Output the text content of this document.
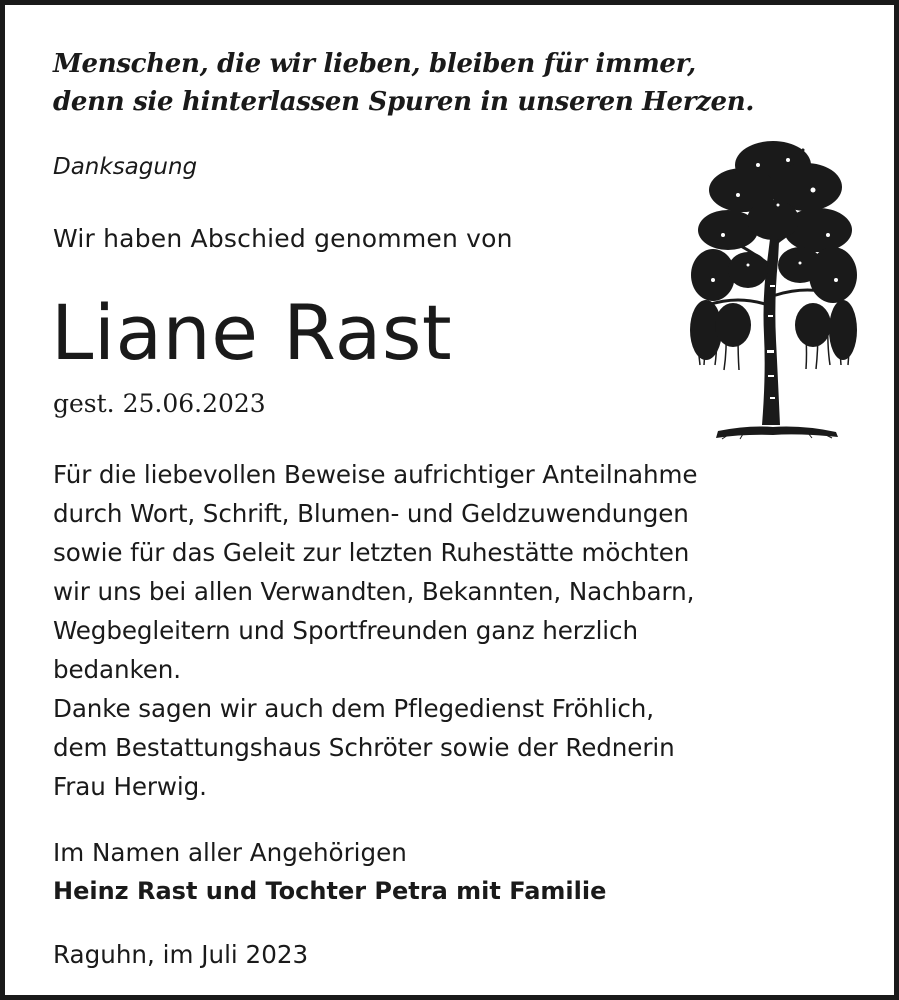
Menschen, die wir lieben, bleiben für immer,
denn sie hinterlassen Spuren in unseren Herzen.
Danksagung
Wir haben Abschied genommen von
Liane Rast
gest. 25.06.2023
Für die liebevollen Beweise aufrichtiger Anteilnahme
durch Wort, Schrift, Blumen- und Geldzuwendungen
sowie für das Geleit zur letzten Ruhestätte möchten
wir uns bei allen Verwandten, Bekannten, Nachbarn,
Wegbegleitern und Sportfreunden ganz herzlich
bedanken.
Danke sagen wir auch dem Pflegedienst Fröhlich,
dem Bestattungshaus Schröter sowie der Rednerin
Frau Herwig.
Im Namen aller Angehörigen
Heinz Rast und Tochter Petra mit Familie
Raguhn, im Juli 2023
